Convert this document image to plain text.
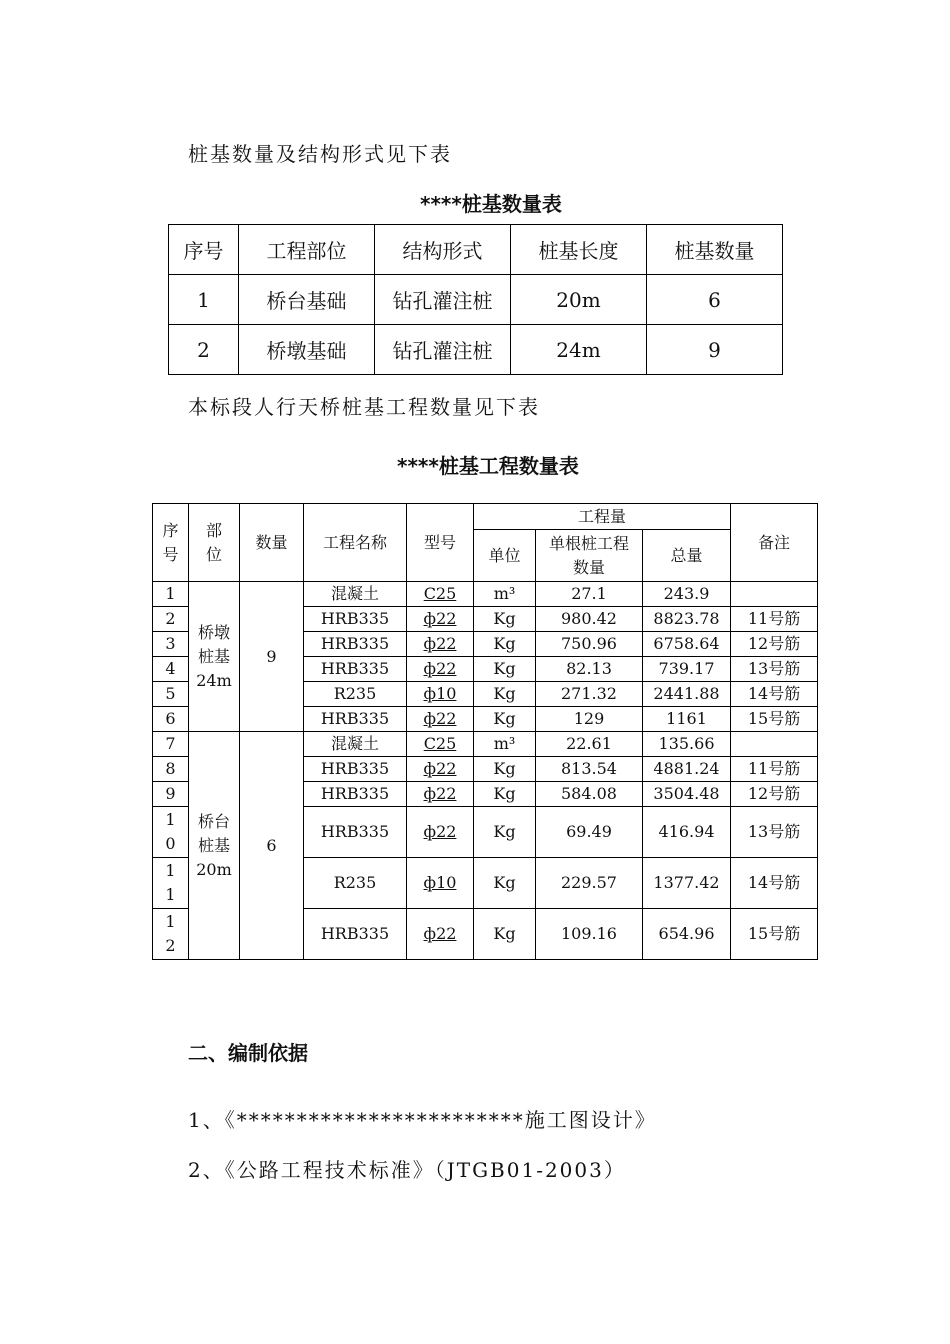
桩基数量及结构形式见下表
****桩基数量表
序号	工程部位	结构形式	桩基长度	桩基数量
1	桥台基础	钻孔灌注桩	20m	6
2	桥墩基础	钻孔灌注桩	24m	9
本标段人行天桥桩基工程数量见下表
****桩基工程数量表
序号	部位	数量	工程名称	型号	工程量			备注
					单位	单根桩工程数量	总量	
1	桥墩桩基24m	9	混凝土	C25	m³	27.1	243.9	
2			HRB335	ф22	Kg	980.42	8823.78	11号筋
3			HRB335	ф22	Kg	750.96	6758.64	12号筋
4			HRB335	ф22	Kg	82.13	739.17	13号筋
5			R235	ф10	Kg	271.32	2441.88	14号筋
6			HRB335	ф22	Kg	129	1161	15号筋
7	桥台桩基20m	6	混凝土	C25	m³	22.61	135.66	
8			HRB335	ф22	Kg	813.54	4881.24	11号筋
9			HRB335	ф22	Kg	584.08	3504.48	12号筋
10			HRB335	ф22	Kg	69.49	416.94	13号筋
11			R235	ф10	Kg	229.57	1377.42	14号筋
12			HRB335	ф22	Kg	109.16	654.96	15号筋
二、编制依据
1、《************************施工图设计》
2、《公路工程技术标准》（JTGB01-2003）
